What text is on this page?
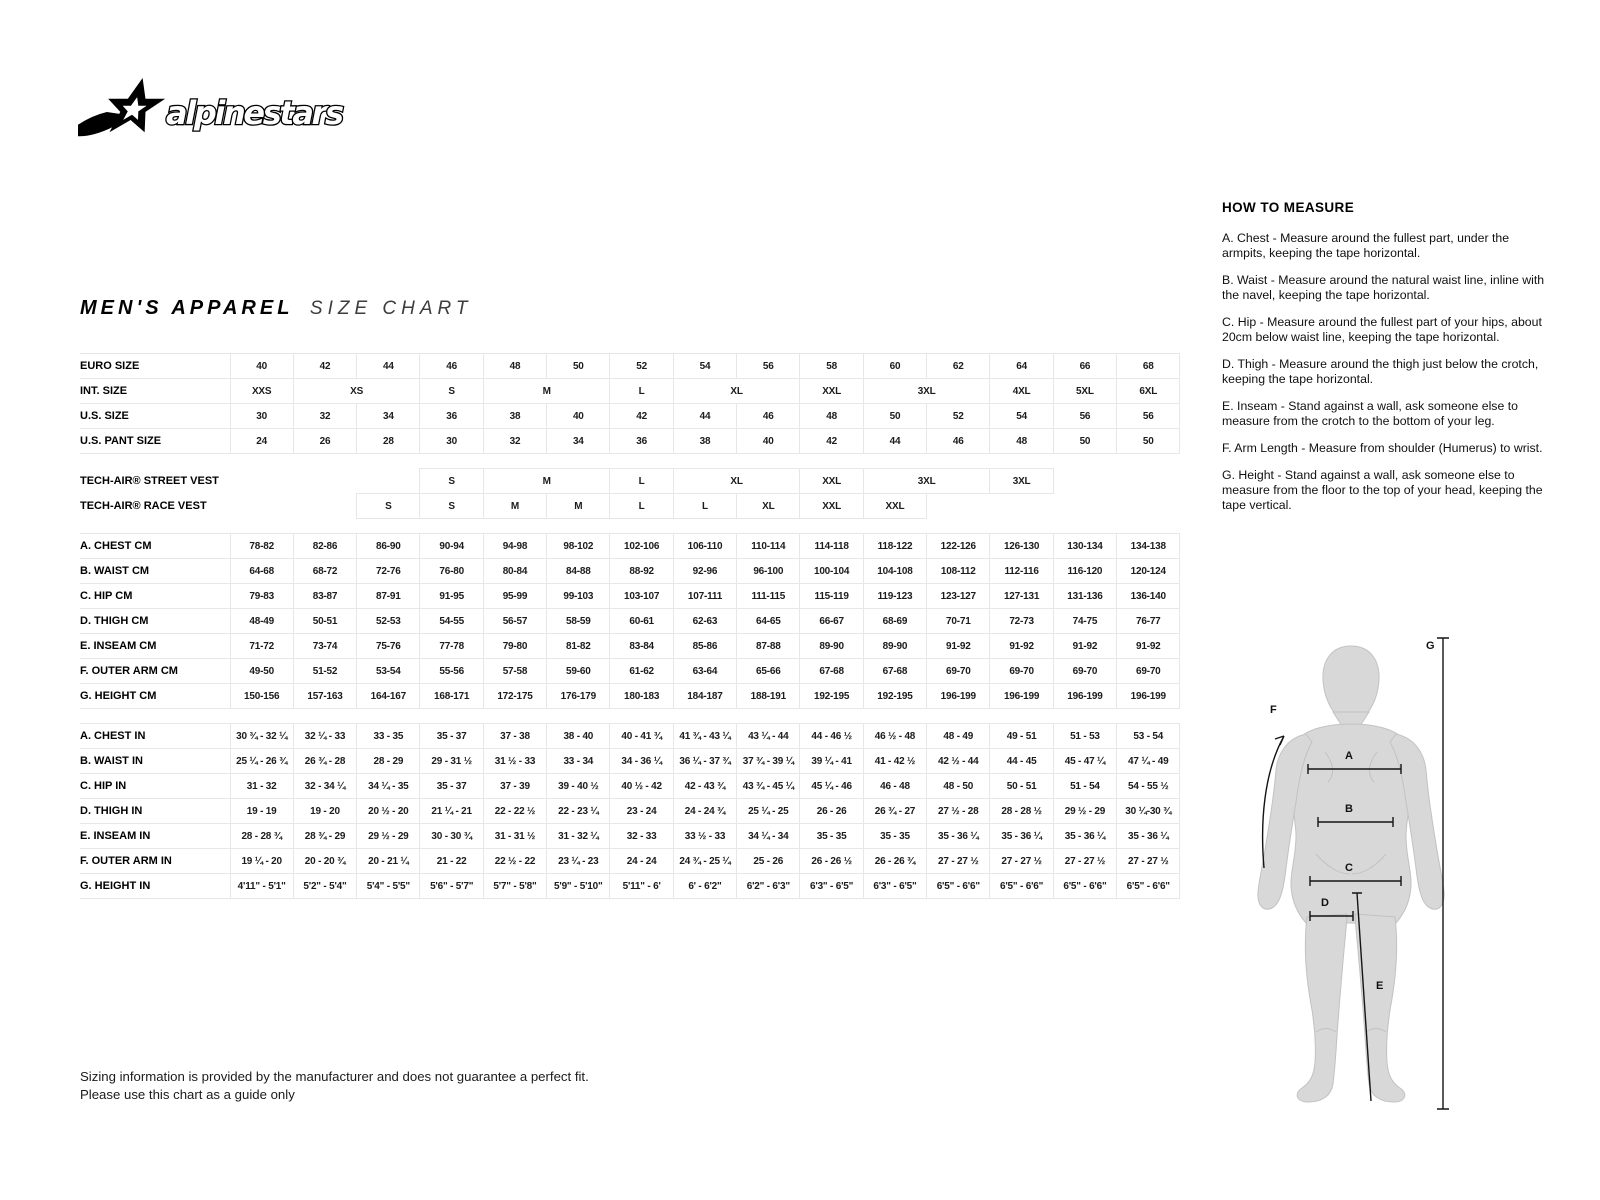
alpinestars
MEN'S APPAREL SIZE CHART
EURO SIZE	40	42	44	46	48	50	52	54	56	58	60	62	64	66	68
INT. SIZE	XXS	XS		S	M		L	XL		XXL	3XL		4XL	5XL	6XL
U.S. SIZE	30	32	34	36	38	40	42	44	46	48	50	52	54	56	56
U.S. PANT SIZE	24	26	28	30	32	34	36	38	40	42	44	46	48	50	50

TECH-AIR® STREET VEST				S	M		L	XL		XXL	3XL		3XL		
TECH-AIR® RACE VEST			S	S	M	M	L	L	XL	XXL	XXL				

A. CHEST CM	78-82	82-86	86-90	90-94	94-98	98-102	102-106	106-110	110-114	114-118	118-122	122-126	126-130	130-134	134-138
B. WAIST CM	64-68	68-72	72-76	76-80	80-84	84-88	88-92	92-96	96-100	100-104	104-108	108-112	112-116	116-120	120-124
C. HIP CM	79-83	83-87	87-91	91-95	95-99	99-103	103-107	107-111	111-115	115-119	119-123	123-127	127-131	131-136	136-140
D. THIGH CM	48-49	50-51	52-53	54-55	56-57	58-59	60-61	62-63	64-65	66-67	68-69	70-71	72-73	74-75	76-77
E. INSEAM CM	71-72	73-74	75-76	77-78	79-80	81-82	83-84	85-86	87-88	89-90	89-90	91-92	91-92	91-92	91-92
F. OUTER ARM CM	49-50	51-52	53-54	55-56	57-58	59-60	61-62	63-64	65-66	67-68	67-68	69-70	69-70	69-70	69-70
G. HEIGHT CM	150-156	157-163	164-167	168-171	172-175	176-179	180-183	184-187	188-191	192-195	192-195	196-199	196-199	196-199	196-199

A. CHEST IN	30 ¾ - 32 ¼	32 ¼ - 33	33 - 35	35 - 37	37 - 38	38 - 40	40 - 41 ¾	41 ¾ - 43 ¼	43 ¼ - 44	44 - 46 ½	46 ½ - 48	48 - 49	49 - 51	51 - 53	53 - 54
B. WAIST IN	25 ¼ - 26 ¾	26 ¾ - 28	28 - 29	29 - 31 ½	31 ½ - 33	33 - 34	34 - 36 ¼	36 ¼ - 37 ¾	37 ¾ - 39 ¼	39 ¼ - 41	41 - 42 ½	42 ½ - 44	44 - 45	45 - 47 ¼	47 ¼ - 49
C. HIP IN	31 - 32	32 - 34 ¼	34 ¼ - 35	35 - 37	37 - 39	39 - 40 ½	40 ½ - 42	42 - 43 ¾	43 ¾ - 45 ¼	45 ¼ - 46	46 - 48	48 - 50	50 - 51	51 - 54	54 - 55 ½
D. THIGH IN	19 - 19	19 - 20	20 ½ - 20	21 ¼ - 21	22 - 22 ½	22 - 23 ¼	23 - 24	24 - 24 ¾	25 ¼ - 25	26 - 26	26 ¾ - 27	27 ½ - 28	28 - 28 ½	29 ½ - 29	30 ¼-30 ¾
E. INSEAM IN	28 - 28 ¾	28 ¾ - 29	29 ½ - 29	30 - 30 ¾	31 - 31 ½	31 - 32 ¼	32 - 33	33 ½ - 33	34 ¼ - 34	35 - 35	35 - 35	35 - 36 ¼	35 - 36 ¼	35 - 36 ¼	35 - 36 ¼
F. OUTER ARM IN	19 ¼ - 20	20 - 20 ¾	20 - 21 ¼	21 - 22	22 ½ - 22	23 ¼ - 23	24 - 24	24 ¾ - 25 ¼	25 - 26	26 - 26 ½	26 - 26 ¾	27 - 27 ½	27 - 27 ½	27 - 27 ½	27 - 27 ½
G. HEIGHT IN	4'11" - 5'1"	5'2" - 5'4"	5'4" - 5'5"	5'6" - 5'7"	5'7" - 5'8"	5'9" - 5'10"	5'11" - 6'	6' - 6'2"	6'2" - 6'3"	6'3" - 6'5"	6'3" - 6'5"	6'5" - 6'6"	6'5" - 6'6"	6'5" - 6'6"	6'5" - 6'6"
HOW TO MEASURE

A. Chest - Measure around the fullest part, under the armpits, keeping the tape horizontal.

B. Waist - Measure around the natural waist line, inline with the navel, keeping the tape horizontal.

C. Hip - Measure around the fullest part of your hips, about 20cm below waist line, keeping the tape horizontal.

D. Thigh - Measure around the thigh just below the crotch, keeping the tape horizontal.

E. Inseam - Stand against a wall, ask someone else to measure from the crotch to the bottom of your leg.

F. Arm Length - Measure from shoulder (Humerus) to wrist.

G. Height - Stand against a wall, ask someone else to measure from the floor to the top of your head, keeping the tape vertical.

A
B
C
D
E
F
G
Sizing information is provided by the manufacturer and does not guarantee a perfect fit.
Please use this chart as a guide only
